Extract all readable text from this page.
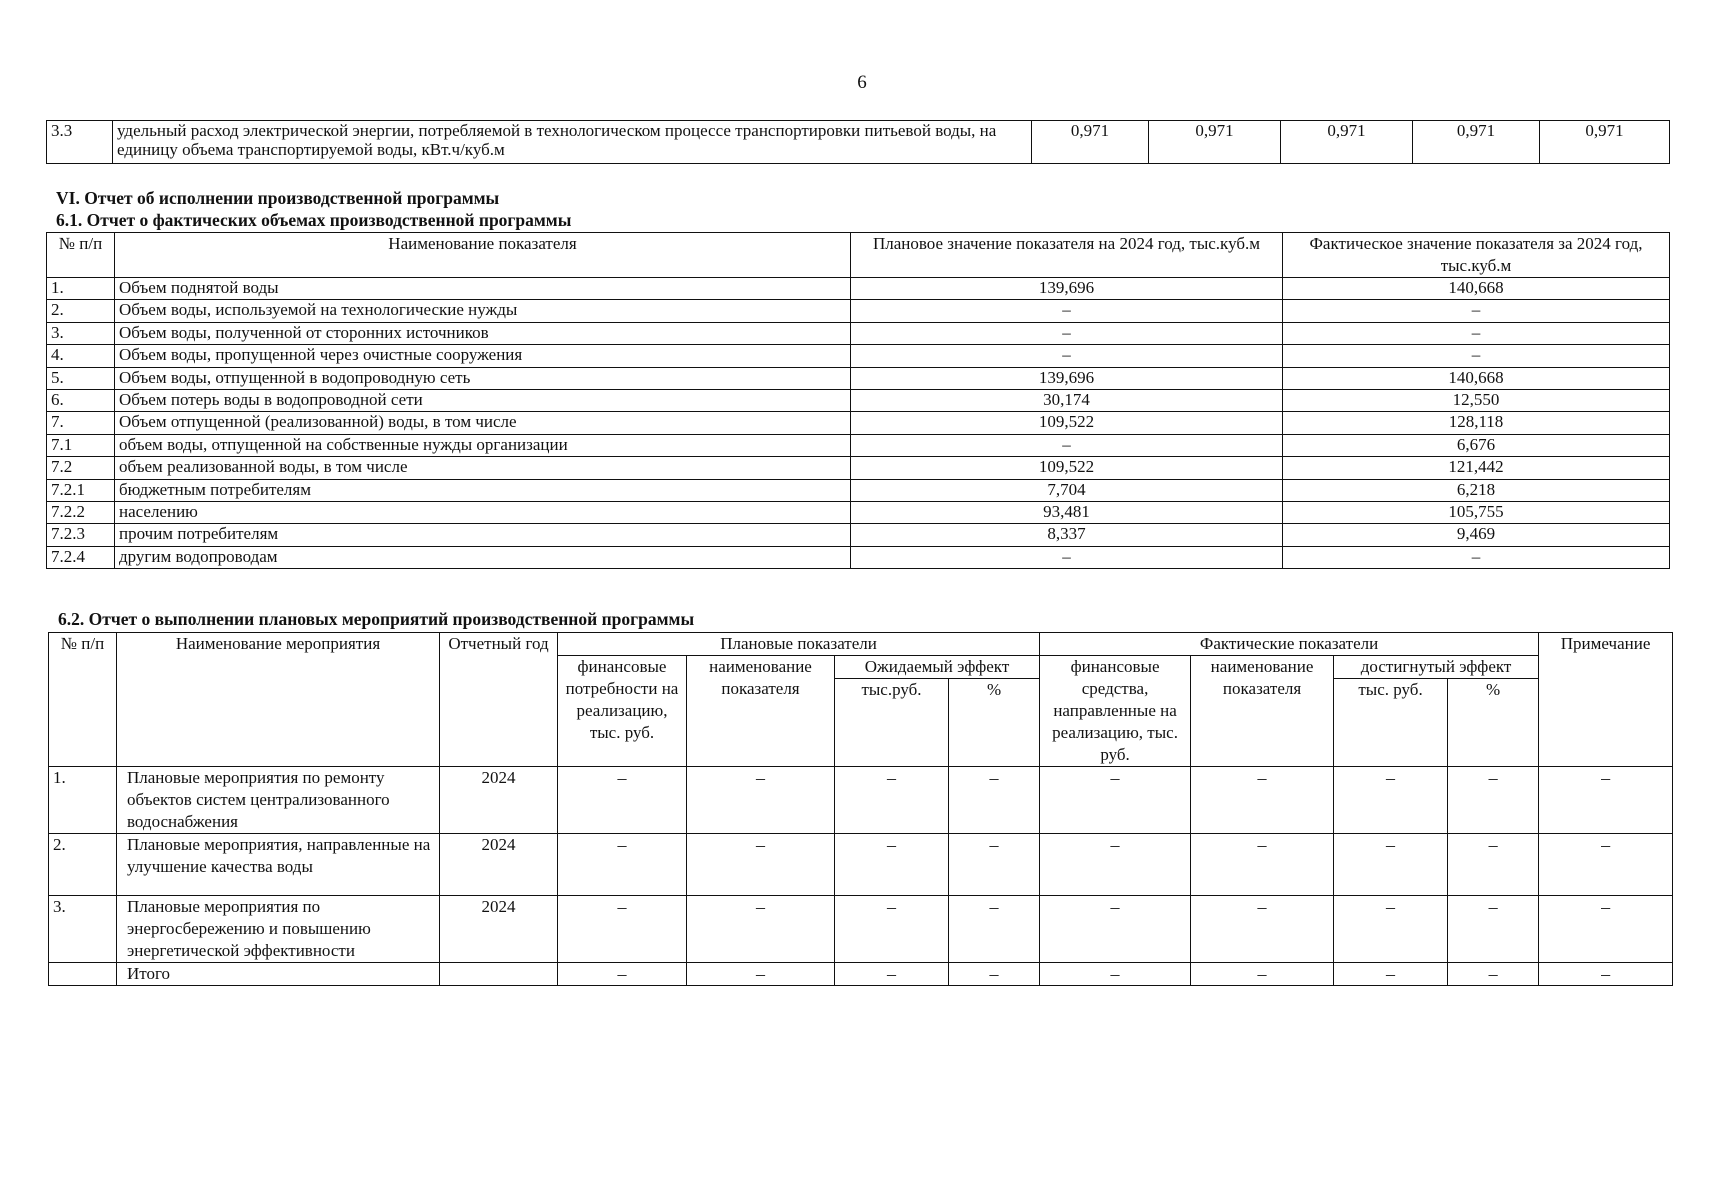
6
3.3	удельный расход электрической энергии, потребляемой в технологическом процессе транспортировки питьевой воды, на единицу объема транспортируемой воды, кВт.ч/куб.м	0,971	0,971	0,971	0,971	0,971
VI. Отчет об исполнении производственной программы
6.1. Отчет о фактических объемах производственной программы
№ п/п	Наименование показателя	Плановое значение показателя на 2024 год, тыс.куб.м	Фактическое значение показателя за 2024 год, тыс.куб.м
1.	Объем поднятой воды	139,696	140,668
2.	Объем воды, используемой на технологические нужды	–	–
3.	Объем воды, полученной от сторонних источников	–	–
4.	Объем воды, пропущенной через очистные сооружения	–	–
5.	Объем воды, отпущенной в водопроводную сеть	139,696	140,668
6.	Объем потерь воды в водопроводной сети	30,174	12,550
7.	Объем отпущенной (реализованной) воды, в том числе	109,522	128,118
7.1	объем воды, отпущенной на собственные нужды организации	–	6,676
7.2	объем реализованной воды, в том числе	109,522	121,442
7.2.1	бюджетным потребителям	7,704	6,218
7.2.2	населению	93,481	105,755
7.2.3	прочим потребителям	8,337	9,469
7.2.4	другим водопроводам	–	–
6.2. Отчет о выполнении плановых мероприятий производственной программы
№ п/п	Наименование мероприятия	Отчетный год	Плановые показатели				Фактические показатели				Примечание
			финансовые потребности на реализацию, тыс. руб.	наименование показателя	Ожидаемый эффект		финансовые средства, направленные на реализацию, тыс. руб.	наименование показателя	достигнутый эффект		
					тыс.руб.	%			тыс. руб.	%	
1.	Плановые мероприятия по ремонту объектов систем централизованного водоснабжения	2024	–	–	–	–	–	–	–	–	–
2.	Плановые мероприятия, направленные на улучшение качества воды	2024	–	–	–	–	–	–	–	–	–
3.	Плановые мероприятия по энергосбережению и повышению энергетической эффективности	2024	–	–	–	–	–	–	–	–	–
	Итого		–	–	–	–	–	–	–	–	–
